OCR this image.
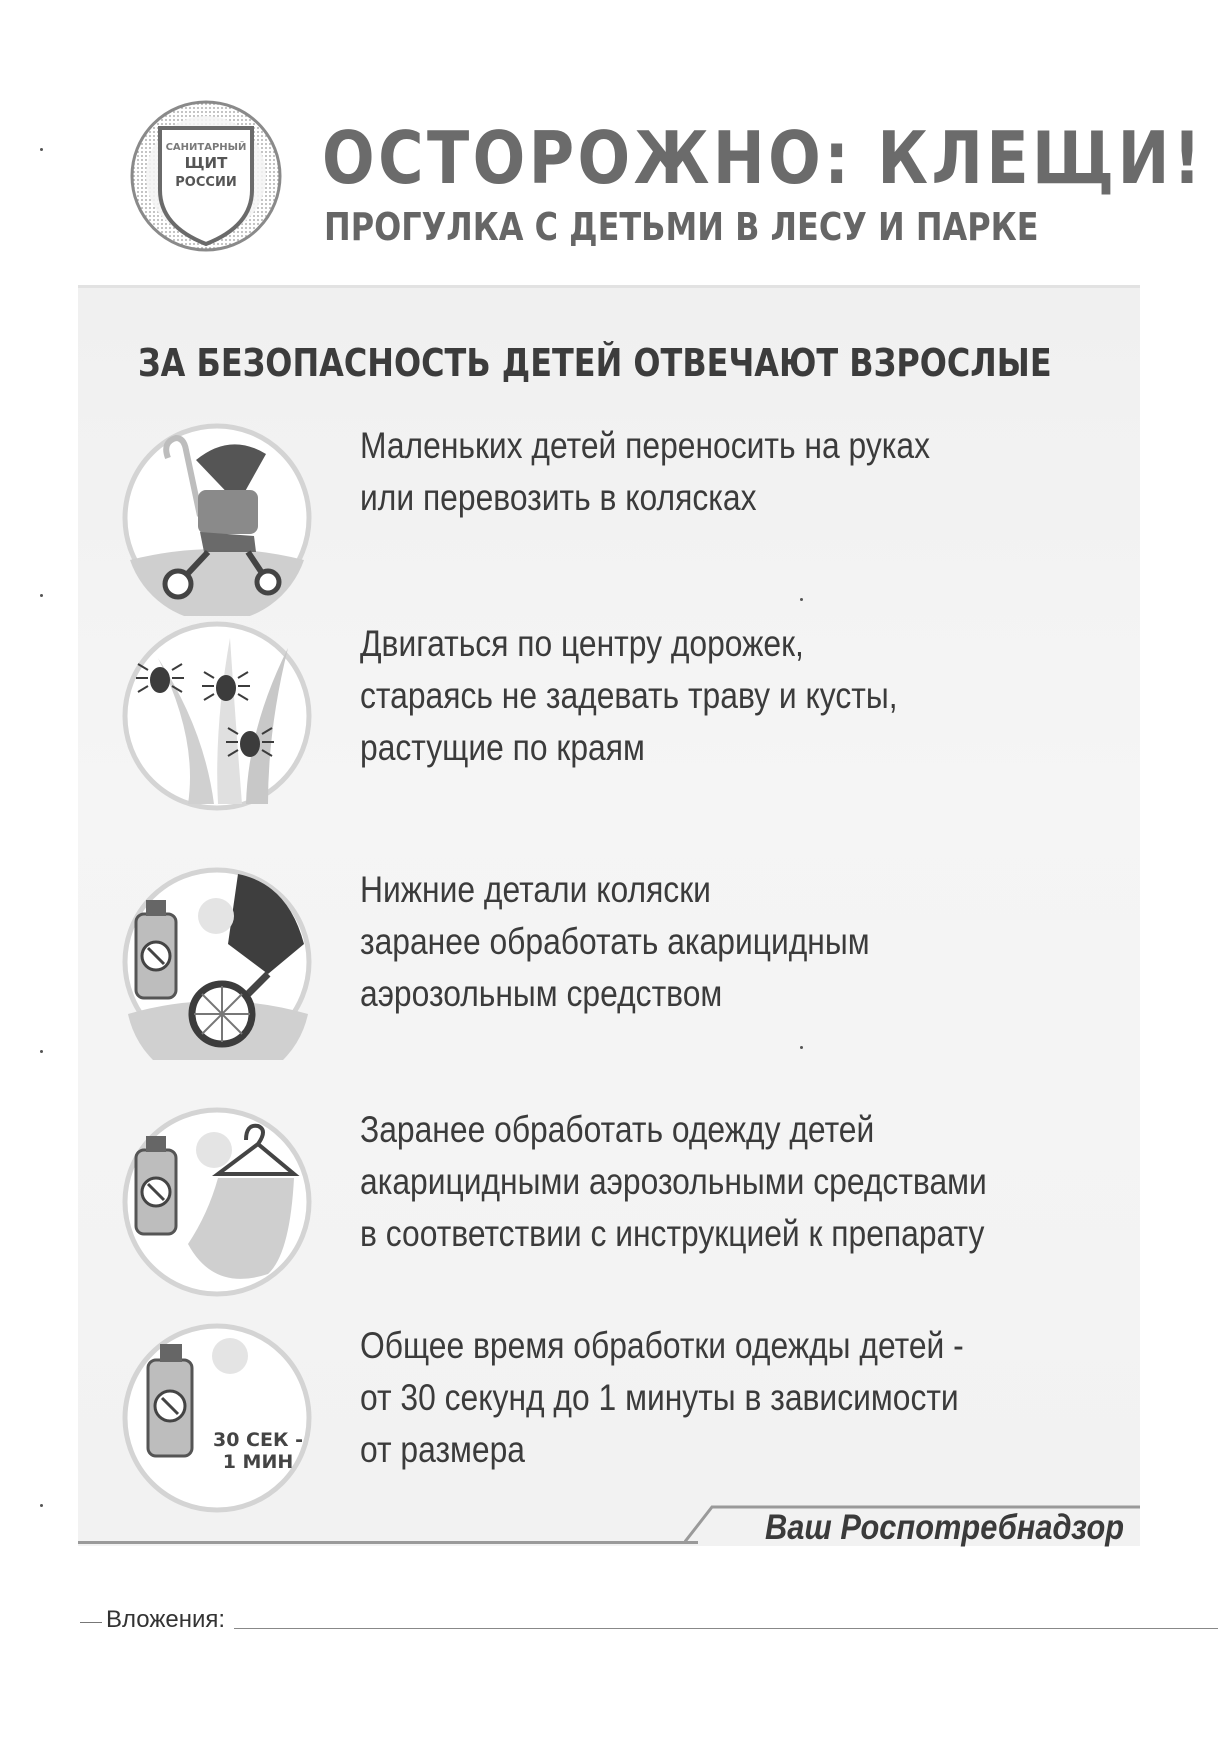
САНИТАРНЫЙ
ЩИТ
РОССИИ ОСТОРОЖНО: КЛЕЩИ!
ПРОГУЛКА С ДЕТЬМИ В ЛЕСУ И ПАРКЕ
ЗА БЕЗОПАСНОСТЬ ДЕТЕЙ ОТВЕЧАЮТ ВЗРОСЛЫЕ
Маленьких детей переносить на руках
или перевозить в колясках
Двигаться по центру дорожек,
стараясь не задевать траву и кусты,
растущие по краям
Нижние детали коляски
заранее обработать акарицидным
аэрозольным средством
Заранее обработать одежду детей
акарицидными аэрозольными средствами
в соответствии с инструкцией к препарату
30 СЕК -
1 МИН
Общее время обработки одежды детей -
от 30 секунд до 1 минуты в зависимости
от размера

Ваш Роспотребнадзор

Вложения:
